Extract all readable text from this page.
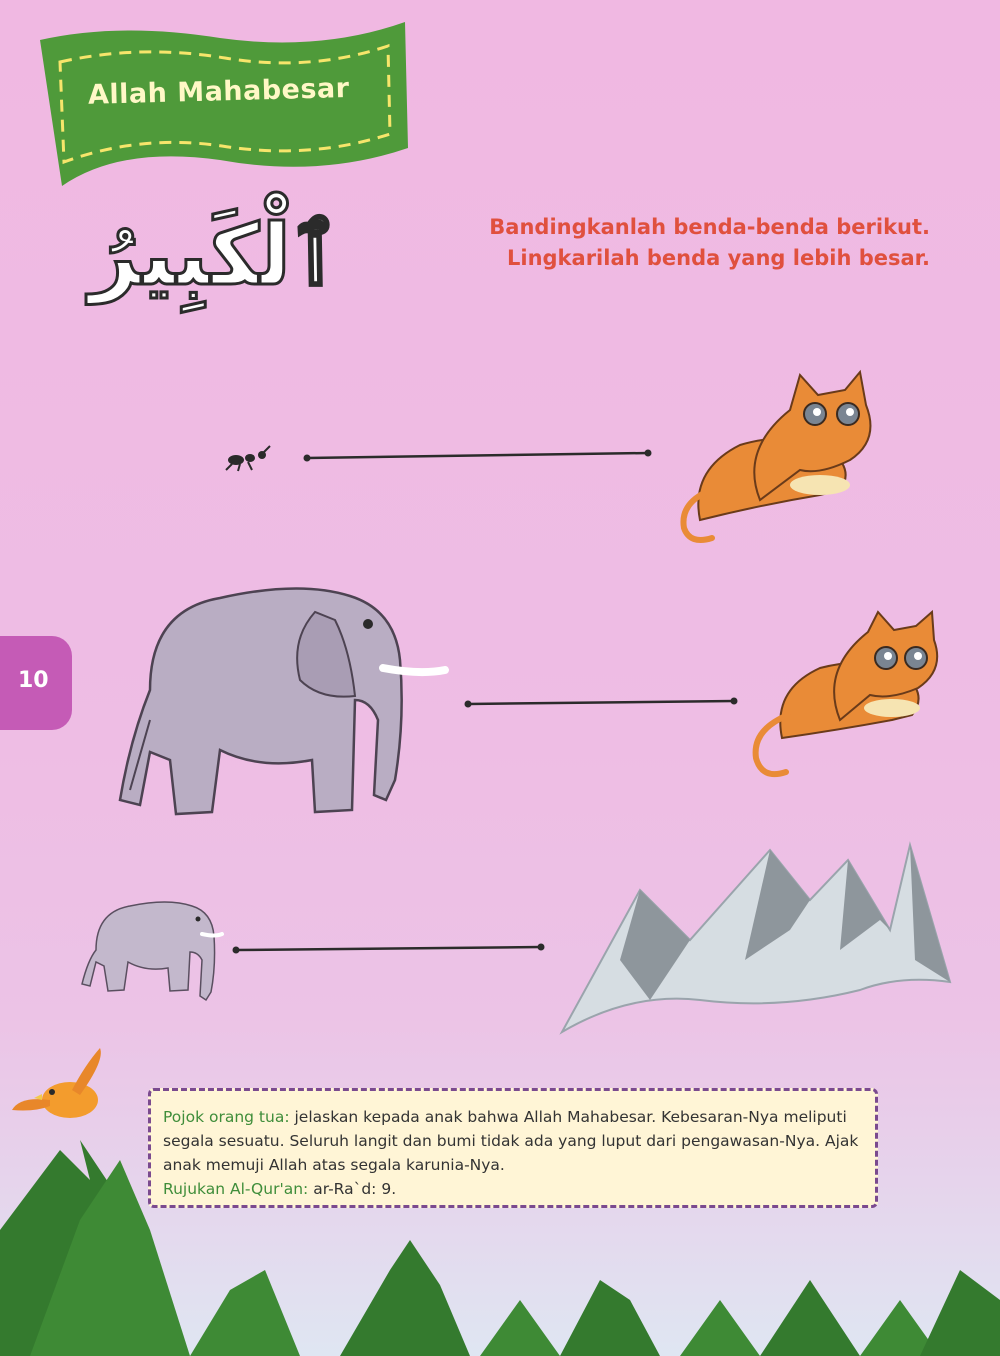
Allah Mahabesar
ٱلْكَبِيرُ	Bandingkanlah benda-benda berikut.
Lingkarilah benda yang lebih besar.
10

Pojok orang tua: jelaskan kepada anak bahwa Allah Mahabesar. Kebesaran-Nya meliputi segala sesuatu. Seluruh langit dan bumi tidak ada yang luput dari pengawasan-Nya. Ajak anak memuji Allah atas segala karunia-Nya.

Rujukan Al-Qur'an: ar-Ra`d: 9.
